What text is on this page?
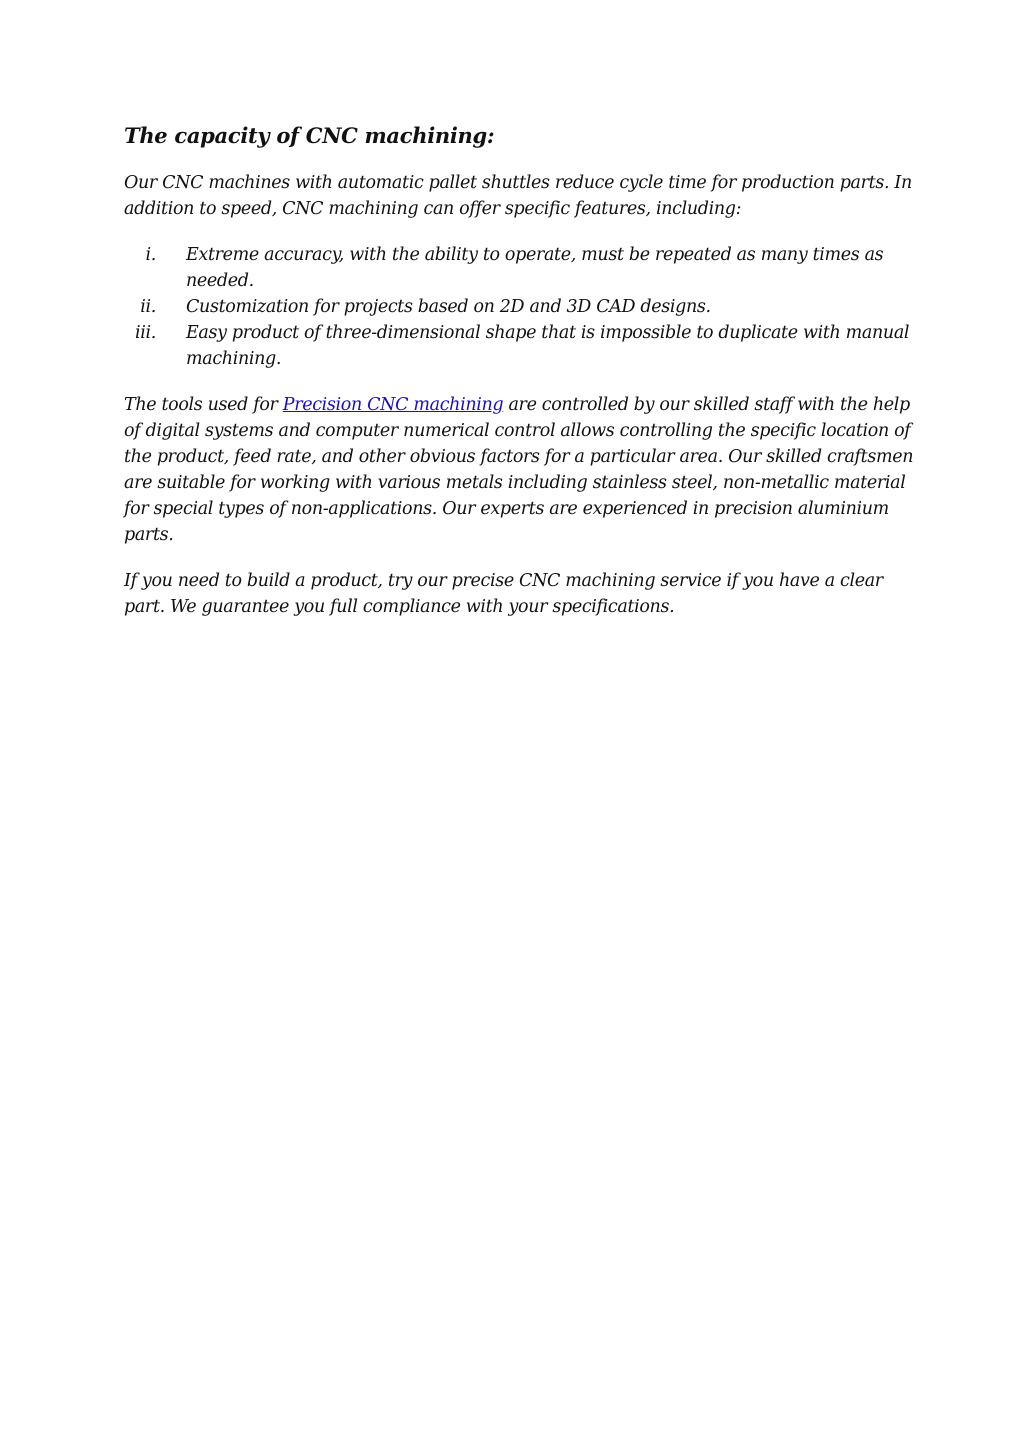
The capacity of CNC machining:

Our CNC machines with automatic pallet shuttles reduce cycle time for production parts. In addition to speed, CNC machining can offer specific features, including:

i. Extreme accuracy, with the ability to operate, must be repeated as many times as needed.
ii. Customization for projects based on 2D and 3D CAD designs.
iii. Easy product of three-dimensional shape that is impossible to duplicate with manual machining.

The tools used for Precision CNC machining are controlled by our skilled staff with the help of digital systems and computer numerical control allows controlling the specific location of the product, feed rate, and other obvious factors for a particular area. Our skilled craftsmen are suitable for working with various metals including stainless steel, non-metallic material for special types of non-applications. Our experts are experienced in precision aluminium parts.

If you need to build a product, try our precise CNC machining service if you have a clear part. We guarantee you full compliance with your specifications.
